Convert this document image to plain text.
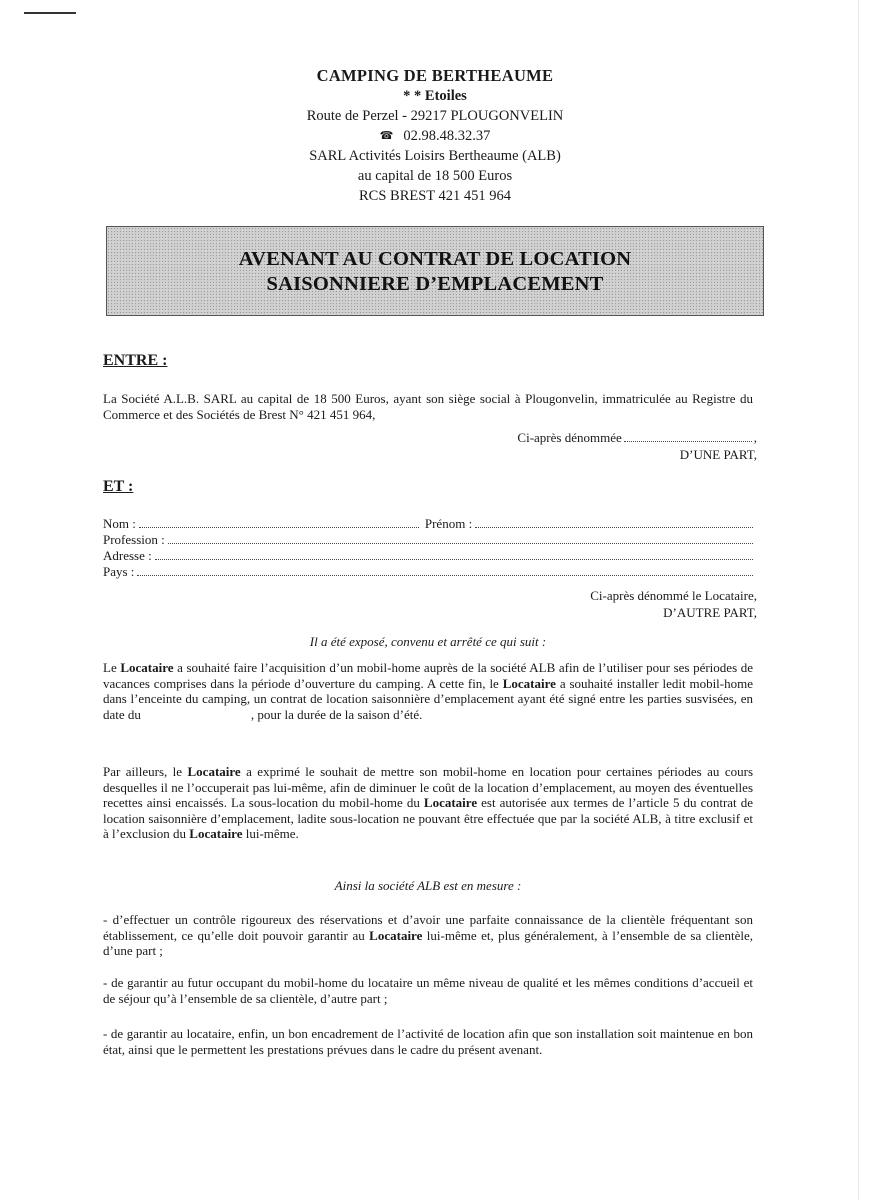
CAMPING DE BERTHEAUME
* * Etoiles
Route de Perzel - 29217 PLOUGONVELIN
☎ 02.98.48.32.37
SARL Activités Loisirs Bertheaume (ALB)
au capital de 18 500 Euros
RCS BREST 421 451 964
AVENANT AU CONTRAT DE LOCATION
SAISONNIERE D’EMPLACEMENT
ENTRE :
La Société A.L.B. SARL au capital de 18 500 Euros, ayant son siège social à Plougonvelin, immatriculée au Registre du Commerce et des Sociétés de Brest N° 421 451 964,
Ci-après dénommée	,
D’UNE PART,
ET :
Nom :	Prénom :
Profession :
Adresse :
Pays :
Ci-après dénommé le Locataire,
D’AUTRE PART,
Il a été exposé, convenu et arrêté ce qui suit :
Le Locataire a souhaité faire l’acquisition d’un mobil-home auprès de la société ALB afin de l’utiliser pour ses périodes de vacances comprises dans la période d’ouverture du camping. A cette fin, le Locataire a souhaité installer ledit mobil-home dans l’enceinte du camping, un contrat de location saisonnière d’emplacement ayant été signé entre les parties susvisées, en date du	, pour la durée de la saison d’été.
Par ailleurs, le Locataire a exprimé le souhait de mettre son mobil-home en location pour certaines périodes au cours desquelles il ne l’occuperait pas lui-même, afin de diminuer le coût de la location d’emplacement, au moyen des éventuelles recettes ainsi encaissés. La sous-location du mobil-home du Locataire est autorisée aux termes de l’article 5 du contrat de location saisonnière d’emplacement, ladite sous-location ne pouvant être effectuée que par la société ALB, à titre exclusif et à l’exclusion du Locataire lui-même.
Ainsi la société ALB est en mesure :
- d’effectuer un contrôle rigoureux des réservations et d’avoir une parfaite connaissance de la clientèle fréquentant son établissement, ce qu’elle doit pouvoir garantir au Locataire lui-même et, plus généralement, à l’ensemble de sa clientèle, d’une part ;
- de garantir au futur occupant du mobil-home du locataire un même niveau de qualité et les mêmes conditions d’accueil et de séjour qu’à l’ensemble de sa clientèle, d’autre part ;
- de garantir au locataire, enfin, un bon encadrement de l’activité de location afin que son installation soit maintenue en bon état, ainsi que le permettent les prestations prévues dans le cadre du présent avenant.
